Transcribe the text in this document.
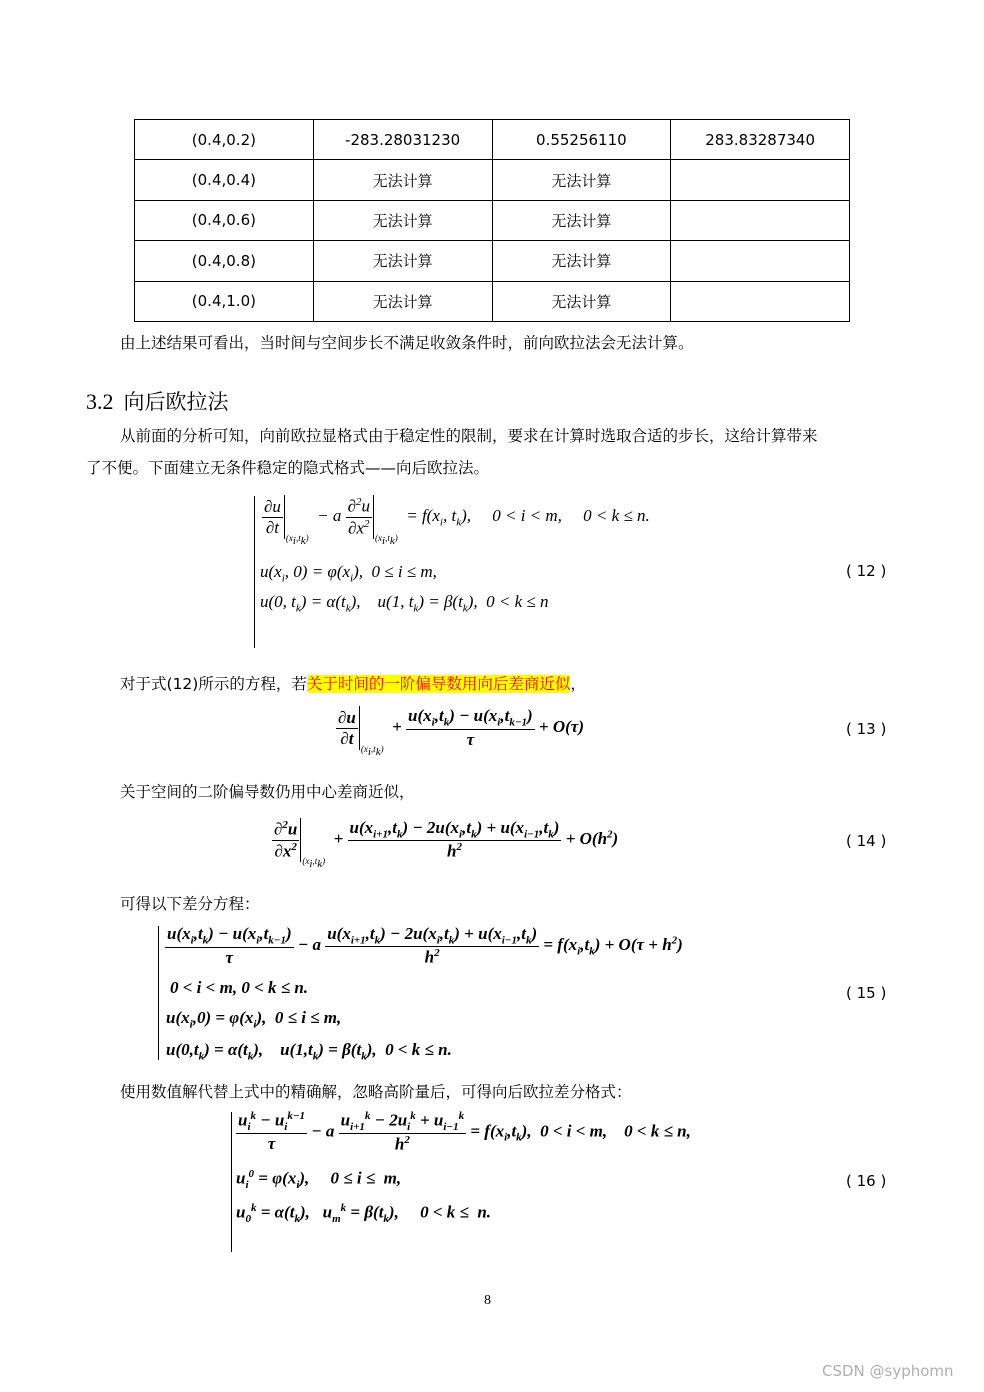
(0.4,0.2)	-283.28031230	0.55256110	283.83287340
(0.4,0.4)	无法计算	无法计算	
(0.4,0.6)	无法计算	无法计算	
(0.4,0.8)	无法计算	无法计算	
(0.4,1.0)	无法计算	无法计算	
由上述结果可看出，当时间与空间步长不满足收敛条件时，前向欧拉法会无法计算。
3.2 向后欧拉法
从前面的分析可知，向前欧拉显格式由于稳定性的限制，要求在计算时选取合适的步长，这给计算带来
了不便。下面建立无条件稳定的隐式格式——向后欧拉法。
$\frac{\partial u}{\partial t}$
$_{(x_i,t_k)}$  − a $\frac{\partial^2u}{\partial x^2} _{(x_i,t_k)} = f(x_i$, $t_k$),     0 < i < m,     0 < k ≤ n.
$u(x_i$, $0) = \varphi(x_i)$,  0 ≤ i ≤ m,
u(0, $t_k) = \alpha(t_k)$,    u(1, $t_k) = \beta(t_k)$,  0 < k ≤ n
( 12 )
对于式(12)所示的方程，若关于时间的一阶偏导数用向后差商近似，
$\frac{\partial u}{\partial t}$
$_{(x_i,t_k)} + \frac{u(x_i,t_k) - u(x_i,t_{k-1})}{\tau} + O(\tau)$	( 13 )
关于空间的二阶偏导数仍用中心差商近似，
$\frac{\partial^2u}{\partial x^2} _{(x_i,t_k)} + \frac{u(x_{i+1},t_k) - 2u(x_i,t_k) + u(x_{i-1},t_k)}{h^2} + O(h^2)$	( 14 )
可得以下差分方程：
$\frac{u(x_i,t_k) - u(x_i,t_{k-1})}{\tau} - a \frac{u(x_{i+1},t_k) - 2u(x_i,t_k) + u(x_{i-1},t_k)}{h^2} = f(x_i,t_k) + O(\tau + h^2)$
0 < i < m, 0 < k ≤ n.
$u(x_i,0) = \varphi(x_i)$,  0 ≤ i ≤ m,
$u(0,t_k) = \alpha(t_k)$,    $u(1,t_k) = \beta(t_k)$,  0 < k ≤ n.
( 15 )
使用数值解代替上式中的精确解，忽略高阶量后，可得向后欧拉差分格式：
$\frac{u_i^k - u_i^{k-1}}{\tau} - a \frac{u_{i+1}^k - 2u_i^k + u_{i-1}^k}{h^2} = f(x_i,t_k)$,  0 < i < m,    0 < k ≤ n,
$u_i^0 = \varphi(x_i)$,     0 ≤ i ≤  m,
$u_0^k = \alpha(t_k)$,   $u_m^k = \beta(t_k)$,     0 < k ≤  n.
( 16 )
8
CSDN @syphomn
